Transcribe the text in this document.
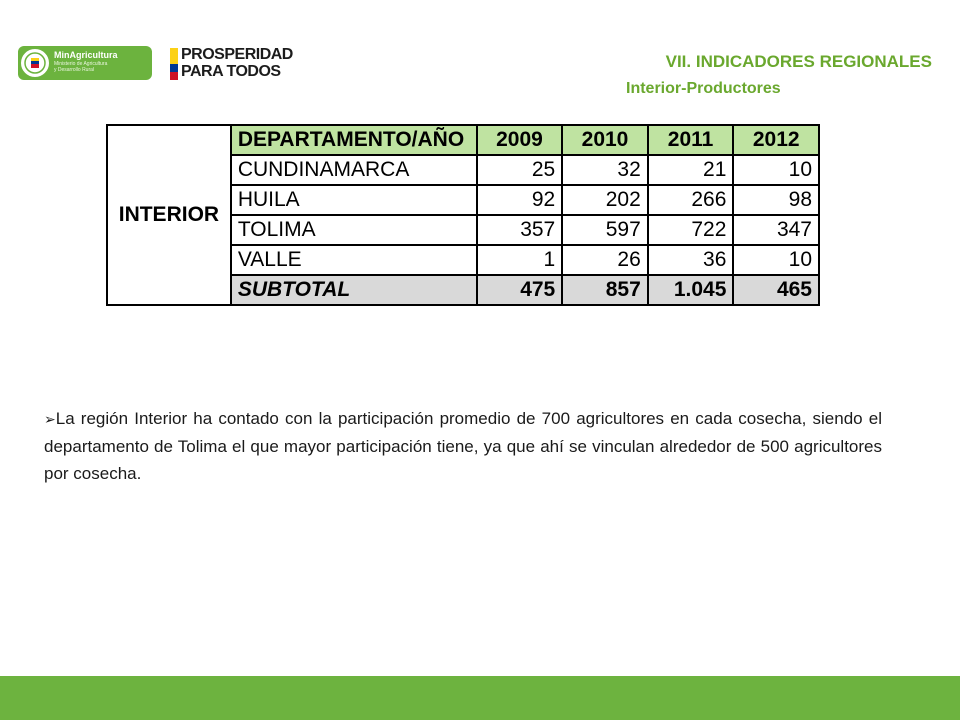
MinAgricultura
Ministerio de Agricultura
y Desarrollo Rural
PROSPERIDAD
PARA TODOS
VII. INDICADORES REGIONALES
Interior-Productores
INTERIOR	DEPARTAMENTO/AÑO	2009	2010	2011	2012
	CUNDINAMARCA	25	32	21	10
	HUILA	92	202	266	98
	TOLIMA	357	597	722	347
	VALLE	1	26	36	10
	SUBTOTAL	475	857	1.045	465
➢La región Interior ha contado con la participación promedio de 700 agricultores en cada cosecha, siendo el departamento de Tolima el que mayor participación tiene, ya que ahí se vinculan alrededor de 500 agricultores por cosecha.
